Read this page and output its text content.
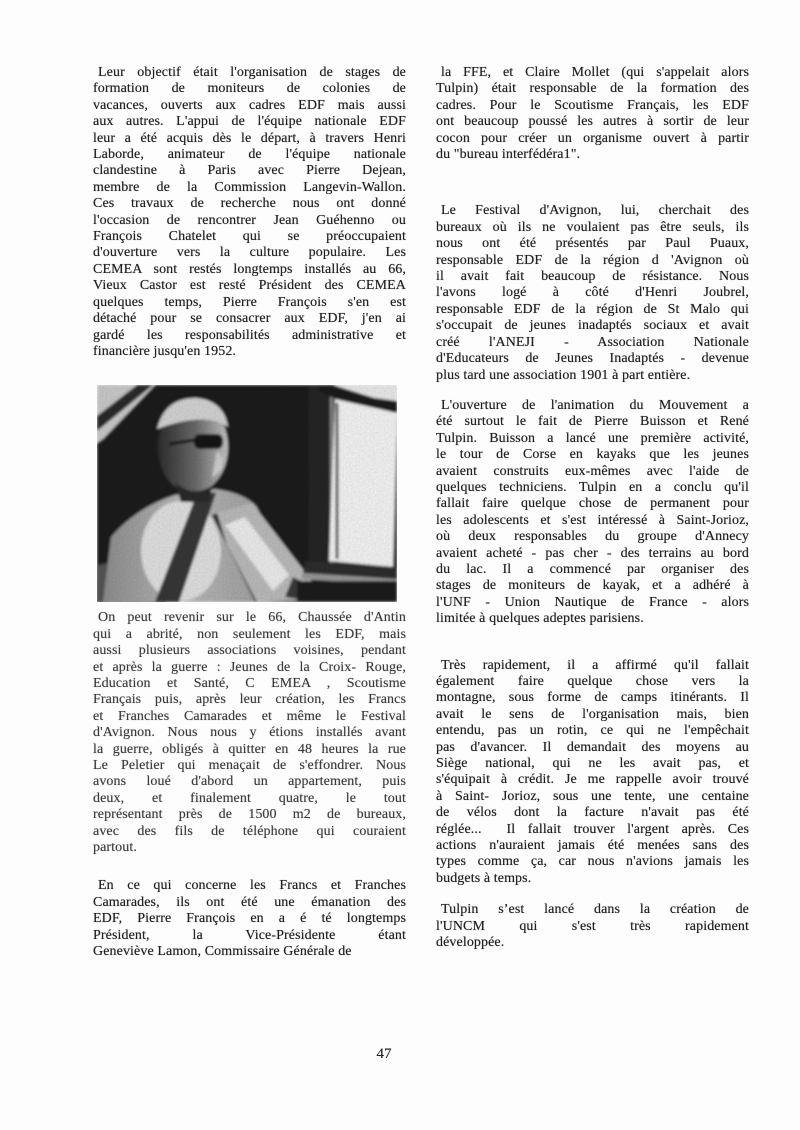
Leur objectif était l'organisation de stages de
formation de moniteurs de colonies de
vacances, ouverts aux cadres EDF mais aussi
aux autres. L'appui de l'équipe nationale EDF
leur a été acquis dès le départ, à travers Henri
Laborde, animateur de l'équipe nationale
clandestine à Paris avec Pierre Dejean,
membre de la Commission Langevin-Wallon.
Ces travaux de recherche nous ont donné
l'occasion de rencontrer Jean Guéhenno ou
François Chatelet qui se préoccupaient
d'ouverture vers la culture populaire. Les
CEMEA sont restés longtemps installés au 66,
Vieux Castor est resté Président des CEMEA
quelques temps, Pierre François s'en est
détaché pour se consacrer aux EDF, j'en ai
gardé les responsabilités administrative et
financière jusqu'en 1952.
On peut revenir sur le 66, Chaussée d'Antin
qui a abrité, non seulement les EDF, mais
aussi plusieurs associations voisines, pendant
et après la guerre : Jeunes de la Croix- Rouge,
Education et Santé, C EMEA , Scoutisme
Français puis, après leur création, les Francs
et Franches Camarades et même le Festival
d'Avignon. Nous nous y étions installés avant
la guerre, obligés à quitter en 48 heures la rue
Le Peletier qui menaçait de s'effondrer. Nous
avons loué d'abord un appartement, puis
deux, et finalement quatre, le tout
représentant près de 1500 m2 de bureaux,
avec des fils de téléphone qui couraient
partout.
En ce qui concerne les Francs et Franches
Camarades, ils ont été une émanation des
EDF, Pierre François en a é té longtemps
Président, la Vice-Présidente étant
Geneviève Lamon, Commissaire Générale de
la FFE, et Claire Mollet (qui s'appelait alors
Tulpin) était responsable de la formation des
cadres. Pour le Scoutisme Français, les EDF
ont beaucoup poussé les autres à sortir de leur
cocon pour créer un organisme ouvert à partir
du "bureau interfédéra1".
Le Festival d'Avignon, lui, cherchait des
bureaux où ils ne voulaient pas être seuls, ils
nous ont été présentés par Paul Puaux,
responsable EDF de la région d 'Avignon où
il avait fait beaucoup de résistance. Nous
l'avons logé à côté d'Henri Joubrel,
responsable EDF de la région de St Malo qui
s'occupait de jeunes inadaptés sociaux et avait
créé l'ANEJI - Association Nationale
d'Educateurs de Jeunes Inadaptés - devenue
plus tard une association 1901 à part entière.
L'ouverture de l'animation du Mouvement a
été surtout le fait de Pierre Buisson et René
Tulpin. Buisson a lancé une première activité,
le tour de Corse en kayaks que les jeunes
avaient construits eux-mêmes avec l'aide de
quelques techniciens. Tulpin en a conclu qu'il
fallait faire quelque chose de permanent pour
les adolescents et s'est intéressé à Saint-Jorioz,
où deux responsables du groupe d'Annecy
avaient acheté - pas cher - des terrains au bord
du lac. Il a commencé par organiser des
stages de moniteurs de kayak, et a adhéré à
l'UNF - Union Nautique de France - alors
limitée à quelques adeptes parisiens.
Très rapidement, il a affirmé qu'il fallait
également faire quelque chose vers la
montagne, sous forme de camps itinérants. Il
avait le sens de l'organisation mais, bien
entendu, pas un rotin, ce qui ne l'empêchait
pas d'avancer. Il demandait des moyens au
Siège national, qui ne les avait pas, et
s'équipait à crédit. Je me rappelle avoir trouvé
à Saint- Jorioz, sous une tente, une centaine
de vélos dont la facture n'avait pas été
réglée...  Il fallait trouver l'argent après. Ces
actions n'auraient jamais été menées sans des
types comme ça, car nous n'avions jamais les
budgets à temps.
Tulpin s’est lancé dans la création de
l'UNCM qui s'est très rapidement
développée.
47
